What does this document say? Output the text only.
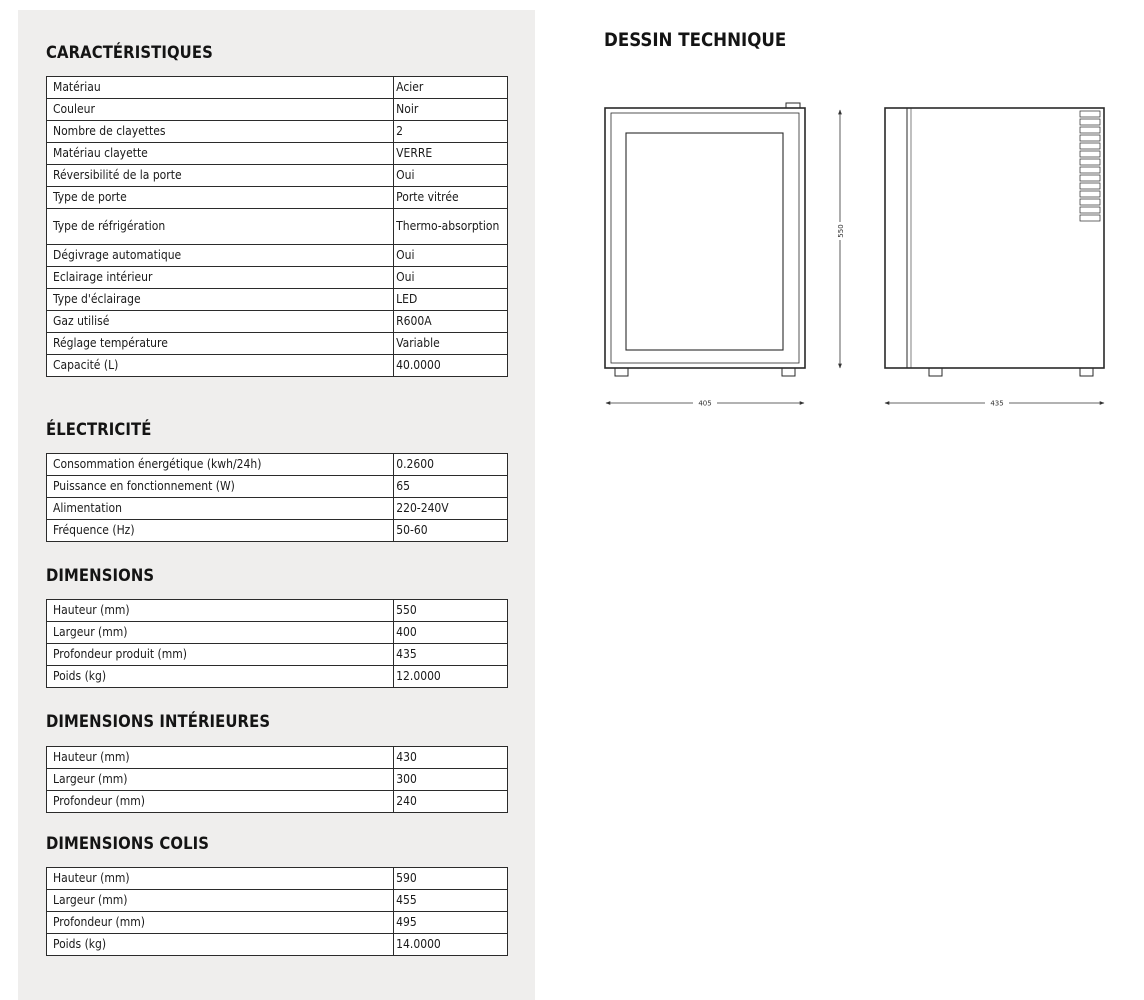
CARACTÉRISTIQUES
Matériau	Acier
Couleur	Noir
Nombre de clayettes	2
Matériau clayette	VERRE
Réversibilité de la porte	Oui
Type de porte	Porte vitrée
Type de réfrigération	Thermo-absorption
Dégivrage automatique	Oui
Eclairage intérieur	Oui
Type d'éclairage	LED
Gaz utilisé	R600A
Réglage température	Variable
Capacité (L)	40.0000
ÉLECTRICITÉ
Consommation énergétique (kwh/24h)	0.2600
Puissance en fonctionnement (W)	65
Alimentation	220-240V
Fréquence (Hz)	50-60
DIMENSIONS
Hauteur (mm)	550
Largeur (mm)	400
Profondeur produit (mm)	435
Poids (kg)	12.0000
DIMENSIONS INTÉRIEURES
Hauteur (mm)	430
Largeur (mm)	300
Profondeur (mm)	240
DIMENSIONS COLIS
Hauteur (mm)	590
Largeur (mm)	455
Profondeur (mm)	495
Poids (kg)	14.0000
DESSIN TECHNIQUE
550
405	435
